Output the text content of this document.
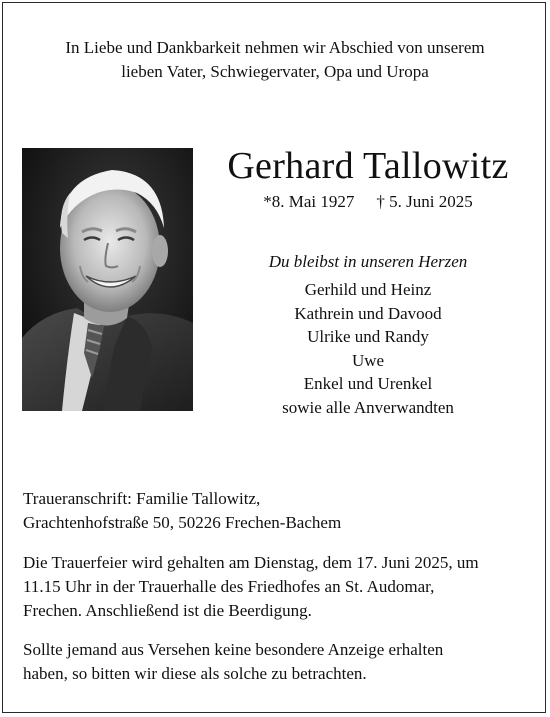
In Liebe und Dankbarkeit nehmen wir Abschied von unserem
lieben Vater, Schwiegervater, Opa und Uropa
Gerhard Tallowitz
*8. Mai 1927 † 5. Juni 2025
Du bleibst in unseren Herzen
Gerhild und Heinz
Kathrein und Davood
Ulrike und Randy
Uwe
Enkel und Urenkel
sowie alle Anverwandten
Traueranschrift: Familie Tallowitz,
Grachtenhofstraße 50, 50226 Frechen-Bachem
Die Trauerfeier wird gehalten am Dienstag, dem 17. Juni 2025, um
11.15 Uhr in der Trauerhalle des Friedhofes an St. Audomar,
Frechen. Anschließend ist die Beerdigung.
Sollte jemand aus Versehen keine besondere Anzeige erhalten
haben, so bitten wir diese als solche zu betrachten.
